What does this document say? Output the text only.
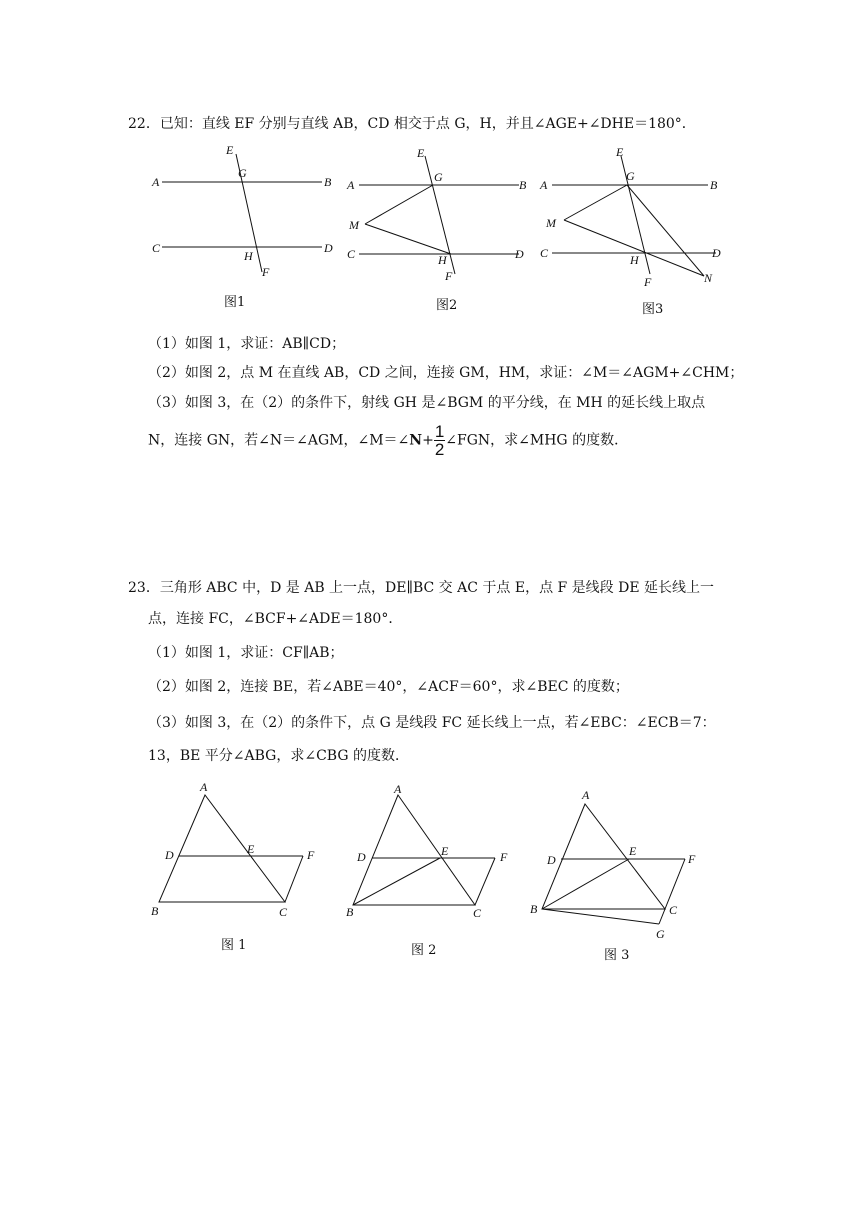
22．已知：直线 EF 分别与直线 AB，CD 相交于点 G，H，并且∠AGE+∠DHE＝180°．
A	B
C	D
E
G
H
F
图1
A	B
C	D
E
G
H
F
M
图2
A	B
C	D
E
G
H
F
M
N
图3
（1）如图 1，求证：AB∥CD；
（2）如图 2，点 M 在直线 AB，CD 之间，连接 GM，HM，求证：∠M＝∠AGM+∠CHM；
（3）如图 3，在（2）的条件下，射线 GH 是∠BGM 的平分线，在 MH 的延长线上取点
N，连接 GN，若∠N＝∠AGM，∠M＝∠N+ $\frac{1}{2}$ ∠FGN，求∠MHG 的度数．
23．三角形 ABC 中，D 是 AB 上一点，DE∥BC 交 AC 于点 E，点 F 是线段 DE 延长线上一
点，连接 FC，∠BCF+∠ADE＝180°．
（1）如图 1，求证：CF∥AB；
（2）如图 2，连接 BE，若∠ABE＝40°，∠ACF＝60°，求∠BEC 的度数；
（3）如图 3，在（2）的条件下，点 G 是线段 FC 延长线上一点，若∠EBC：∠ECB＝7：
13，BE 平分∠ABG，求∠CBG 的度数．
A
B	C
D	E	F
图 1
A
B	C
D	E	F
图 2
A
B	C
D
E
F
G
图 3
